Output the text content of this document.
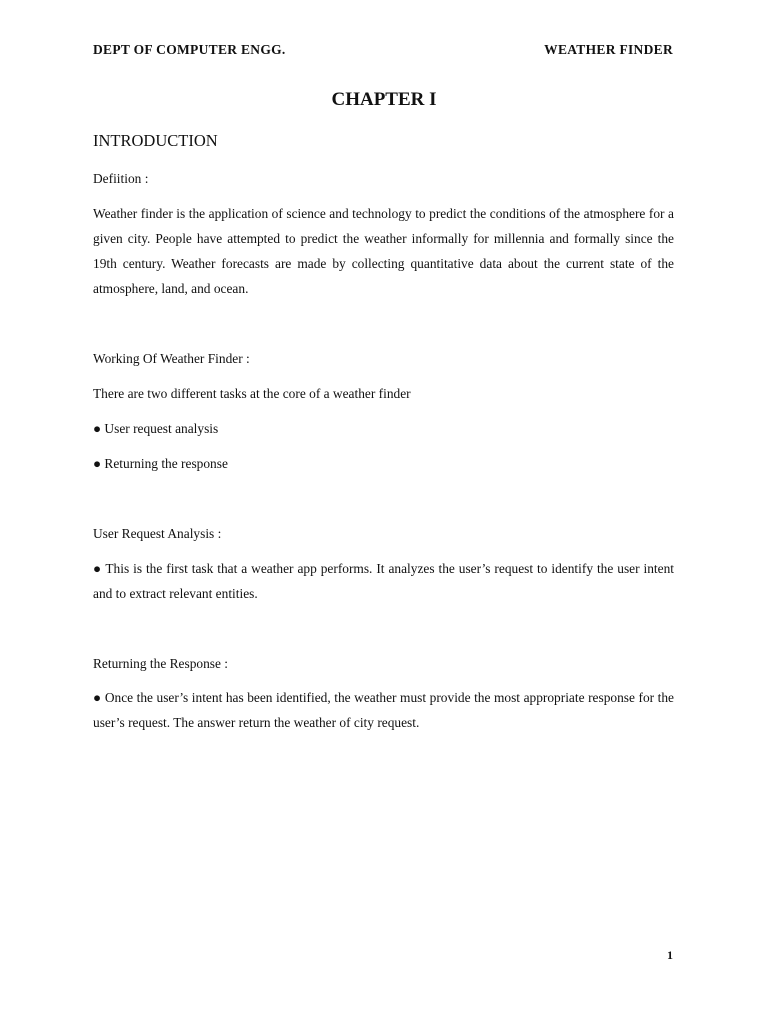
DEPT OF COMPUTER ENGG.	WEATHER FINDER
CHAPTER I
INTRODUCTION
Defiition :
Weather finder is the application of science and technology to predict the conditions of the atmosphere for a given city. People have attempted to predict the weather informally for millennia and formally since the 19th century. Weather forecasts are made by collecting quantitative data about the current state of the atmosphere, land, and ocean.
Working Of Weather Finder :
There are two different tasks at the core of a weather finder
● User request analysis
● Returning the response
User Request Analysis :
● This is the first task that a weather app performs. It analyzes the user’s request to identify the user intent and to extract relevant entities.
Returning the Response :
● Once the user’s intent has been identified, the weather must provide the most appropriate response for the user’s request. The answer return the weather of city request.
1
